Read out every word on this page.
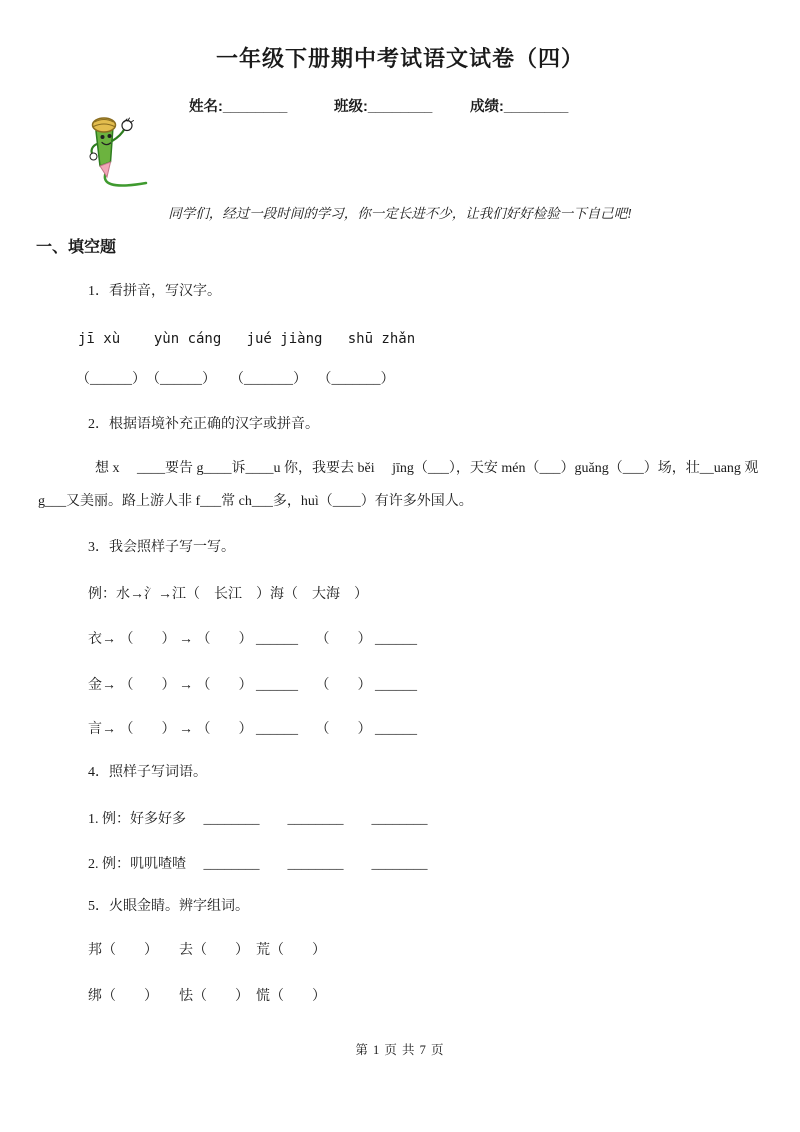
一年级下册期中考试语文试卷（四）
姓名:________	班级:________	成绩:________
同学们，经过一段时间的学习，你一定长进不少，让我们好好检验一下自己吧!
一、填空题
1．看拼音，写汉字。
jī xù    yùn cáng   jué jiàng   shū zhǎn
（______）　（______）　　（_______）　 （_______）
2．根据语境补充正确的汉字或拼音。
想 x　 ____要告 g____诉____u 你，我要去 běi　 jīng（___），天安 mén（___）guǎng（___）场，壮__uang 观
g___又美丽。路上游人非 f___常 ch___多，huì（____）有许多外国人。
3．我会照样子写一写。
例：水→氵→江（　长江　）海（　大海　）
衣→ （　　） → （　　） ______　 （　　） ______
金→ （　　） → （　　） ______　 （　　） ______
言→ （　　） → （　　） ______　 （　　） ______
4．照样子写词语。
1. 例：好多好多　 ________　　________　　________
2. 例：叽叽喳喳　 ________　　________　　________
5．火眼金睛。辨字组词。
邦（　　）　　去（　　）　荒（　　）
绑（　　）　　怯（　　）　慌（　　）
第 1 页 共 7 页
